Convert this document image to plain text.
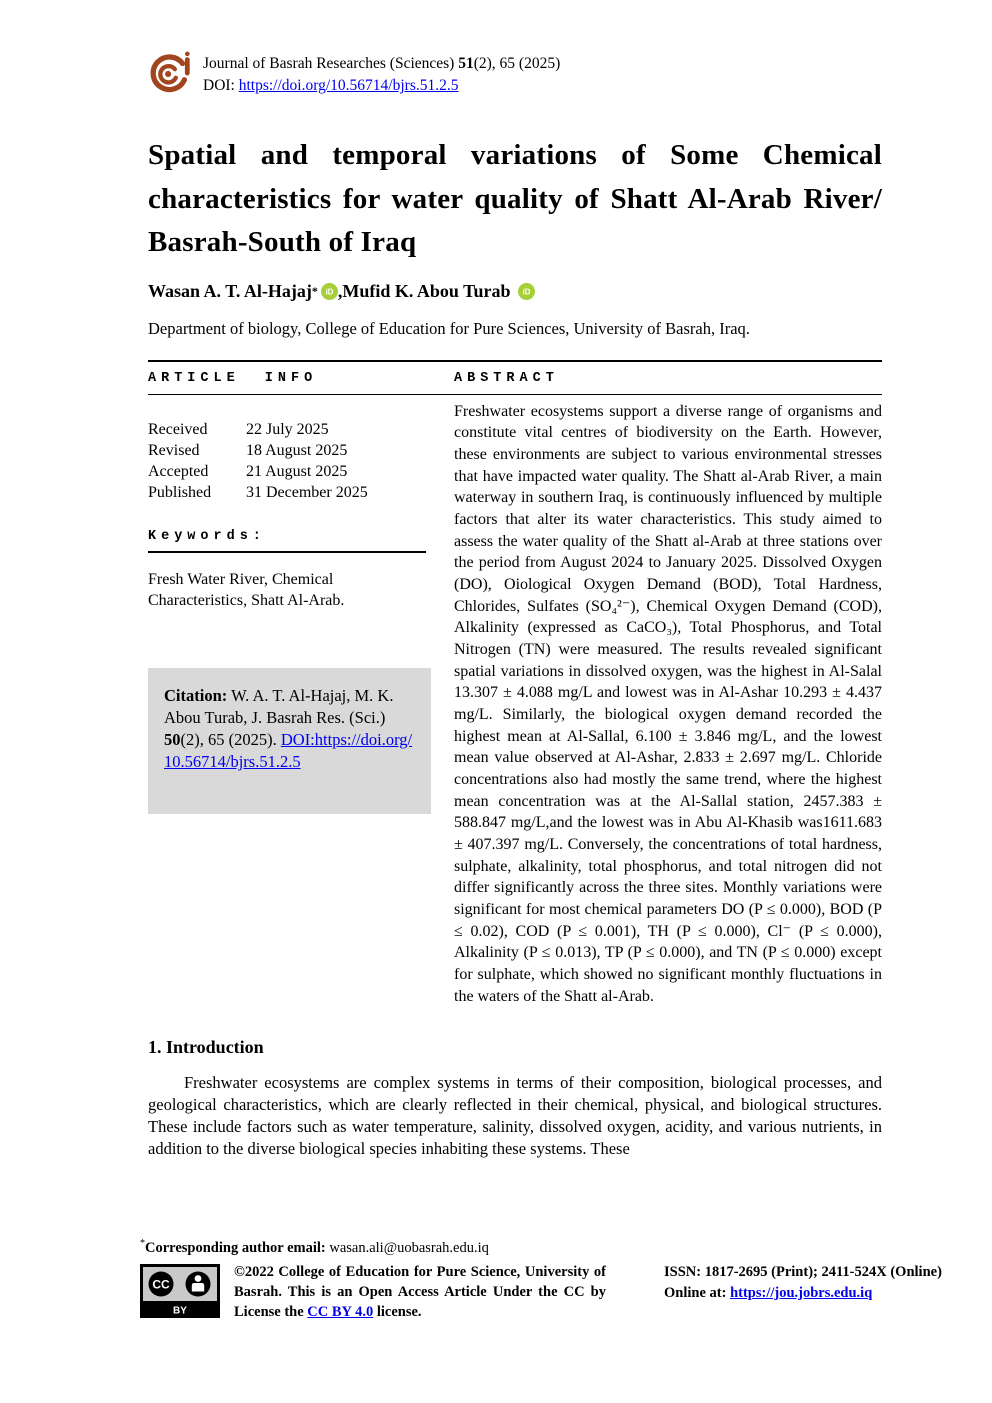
Journal of Basrah Researches (Sciences) 51(2), 65 (2025)
DOI: https://doi.org/10.56714/bjrs.51.2.5
Spatial and temporal variations of Some Chemical characteristics for water quality of Shatt Al-Arab River/ Basrah-South of Iraq
Wasan A. T. Al-Hajaj * iD , Mufid K. Abou Turab
iD
Department of biology, College of Education for Pure Sciences, University of Basrah, Iraq.
ARTICLE INFO	ABSTRACT
Received	22 July 2025
Revised	18 August 2025
Accepted	21 August 2025
Published	31 December 2025
Keywords:
Fresh Water River, Chemical Characteristics, Shatt Al-Arab.
Citation: W. A. T. Al-Hajaj, M. K. Abou Turab, J. Basrah Res. (Sci.) 50(2), 65 (2025). DOI:https://doi.org/10.56714/bjrs.51.2.5
Freshwater ecosystems support a diverse range of organisms and constitute vital centres of biodiversity on the Earth. However, these environments are subject to various environmental stresses that have impacted water quality. The Shatt al-Arab River, a main waterway in southern Iraq, is continuously influenced by multiple factors that alter its water characteristics. This study aimed to assess the water quality of the Shatt al-Arab at three stations over the period from August 2024 to January 2025. Dissolved Oxygen (DO), Oiological Oxygen Demand (BOD), Total Hardness, Chlorides, Sulfates (SO₄²⁻), Chemical Oxygen Demand (COD), Alkalinity (expressed as CaCO₃), Total Phosphorus, and Total Nitrogen (TN) were measured. The results revealed significant spatial variations in dissolved oxygen, was the highest in Al-Salal 13.307 ± 4.088 mg/L and lowest was in Al-Ashar 10.293 ± 4.437 mg/L. Similarly, the biological oxygen demand recorded the highest mean at Al-Sallal, 6.100 ± 3.846 mg/L, and the lowest mean value observed at Al-Ashar, 2.833 ± 2.697 mg/L. Chloride concentrations also had mostly the same trend, where the highest mean concentration was at the Al-Sallal station, 2457.383 ± 588.847 mg/L,and the lowest was in Abu Al-Khasib was1611.683 ± 407.397 mg/L. Conversely, the concentrations of total hardness, sulphate, alkalinity, total phosphorus, and total nitrogen did not differ significantly across the three sites. Monthly variations were significant for most chemical parameters DO (P ≤ 0.000), BOD (P ≤ 0.02), COD (P ≤ 0.001), TH (P ≤ 0.000), Cl⁻ (P ≤ 0.000), Alkalinity (P ≤ 0.013), TP (P ≤ 0.000), and TN (P ≤ 0.000) except for sulphate, which showed no significant monthly fluctuations in the waters of the Shatt al-Arab.
1. Introduction
Freshwater ecosystems are complex systems in terms of their composition, biological processes, and geological characteristics, which are clearly reflected in their chemical, physical, and biological structures. These include factors such as water temperature, salinity, dissolved oxygen, acidity, and various nutrients, in addition to the diverse biological species inhabiting these systems. These
*Corresponding author email: wasan.ali@uobasrah.edu.iq
CC
BY
©2022 College of Education for Pure Science, University of Basrah. This is an Open Access Article Under the CC by License the CC BY 4.0 license.
ISSN: 1817-2695 (Print); 2411-524X (Online)
Online at: https://jou.jobrs.edu.iq
